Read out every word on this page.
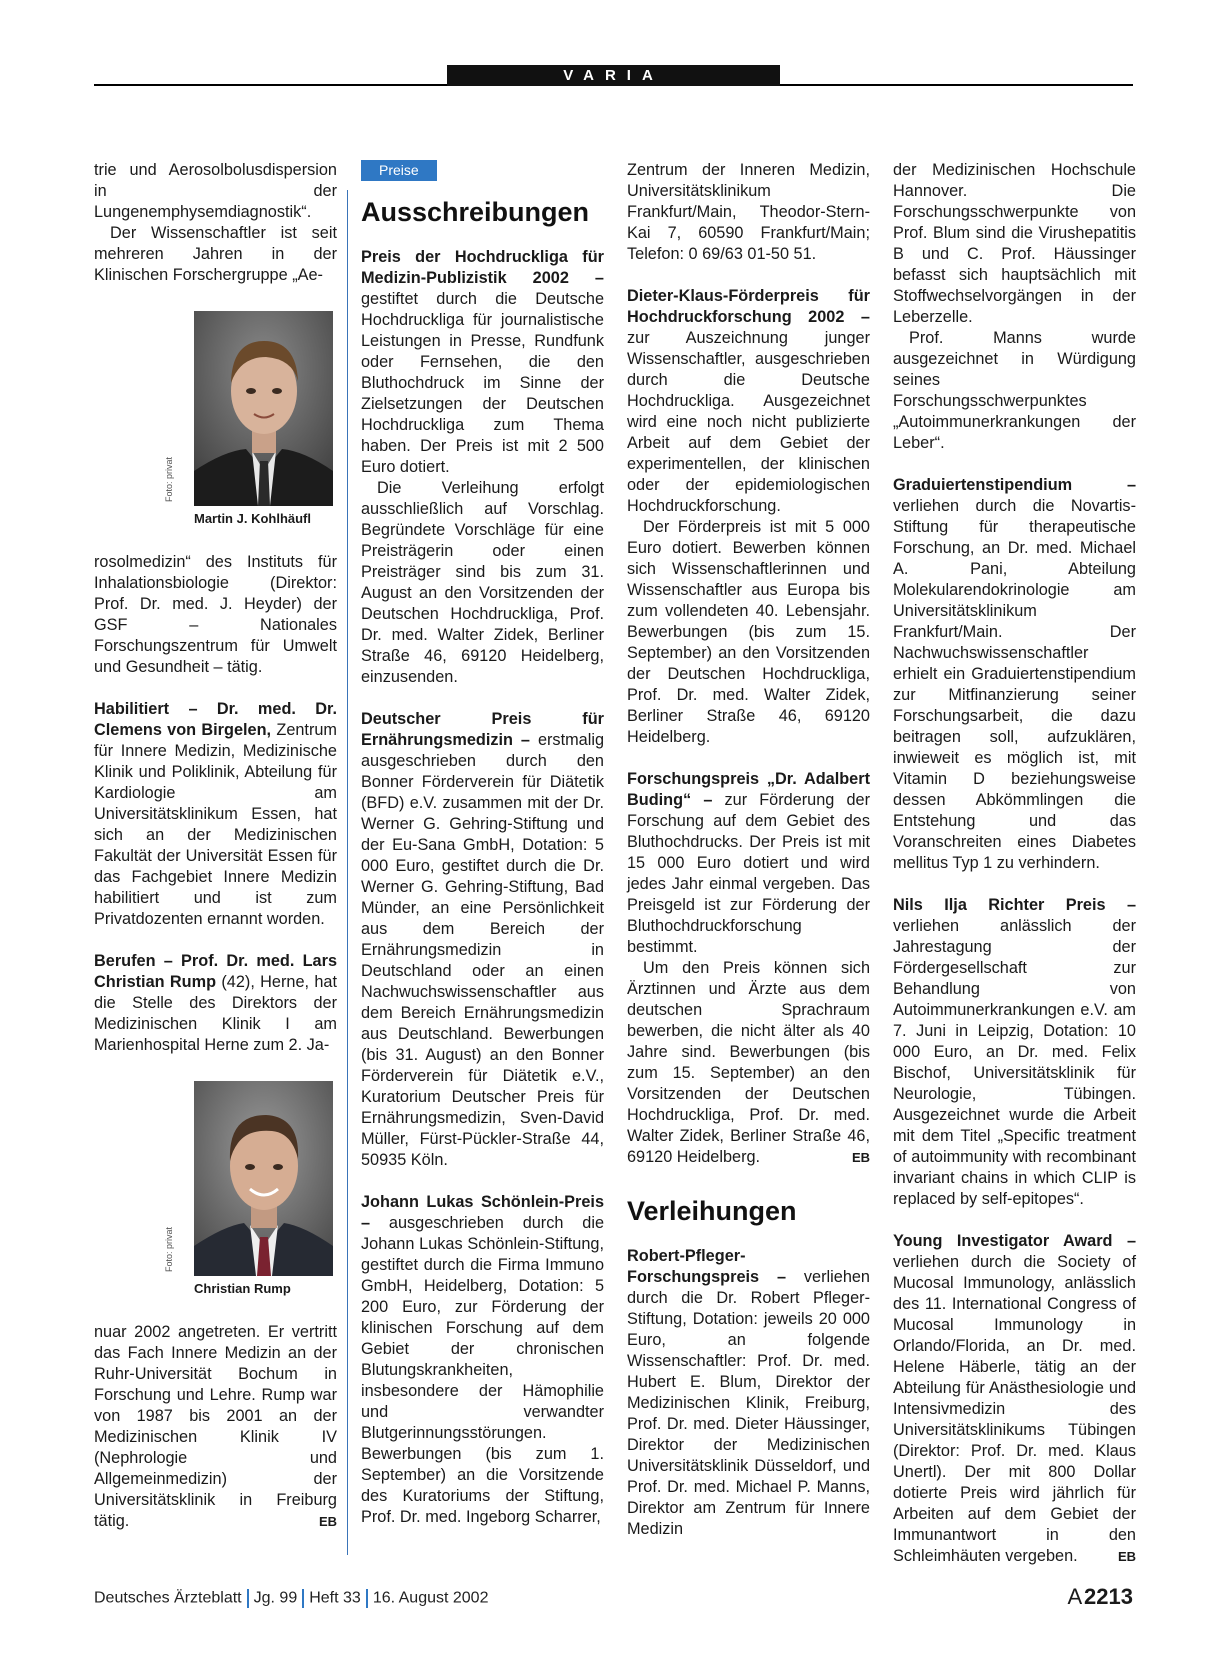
VARIA

trie und Aerosolbolusdispersion in der Lungenemphysemdiagnostik“.

Der Wissenschaftler ist seit mehreren Jahren in der Klinischen Forschergruppe „Ae-

Foto: privat
Martin J. Kohlhäufl

rosolmedizin“ des Instituts für Inhalationsbiologie (Direktor: Prof. Dr. med. J. Heyder) der GSF – Nationales Forschungszentrum für Umwelt und Gesundheit – tätig.

Habilitiert – Dr. med. Dr. Clemens von Birgelen, Zentrum für Innere Medizin, Medizinische Klinik und Poliklinik, Abteilung für Kardiologie am Universitätsklinikum Essen, hat sich an der Medizinischen Fakultät der Universität Essen für das Fachgebiet Innere Medizin habilitiert und ist zum Privatdozenten ernannt worden.

Berufen – Prof. Dr. med. Lars Christian Rump (42), Herne, hat die Stelle des Direktors der Medizinischen Klinik I am Marienhospital Herne zum 2. Ja-

Foto: privat
Christian Rump

nuar 2002 angetreten. Er vertritt das Fach Innere Medizin an der Ruhr-Universität Bochum in Forschung und Lehre. Rump war von 1987 bis 2001 an der Medizinischen Klinik IV (Nephrologie und Allgemeinmedizin) der Universitätsklinik in Freiburg tätig.	EB

Preise
Ausschreibungen

Preis der Hochdruckliga für Medizin-Publizistik 2002 – gestiftet durch die Deutsche Hochdruckliga für journalistische Leistungen in Presse, Rundfunk oder Fernsehen, die den Bluthochdruck im Sinne der Zielsetzungen der Deutschen Hochdruckliga zum Thema haben. Der Preis ist mit 2 500 Euro dotiert.

Die Verleihung erfolgt ausschließlich auf Vorschlag. Begründete Vorschläge für eine Preisträgerin oder einen Preisträger sind bis zum 31. August an den Vorsitzenden der Deutschen Hochdruckliga, Prof. Dr. med. Walter Zidek, Berliner Straße 46, 69120 Heidelberg, einzusenden.

Deutscher Preis für Ernährungsmedizin – erstmalig ausgeschrieben durch den Bonner Förderverein für Diätetik (BFD) e.V. zusammen mit der Dr. Werner G. Gehring-Stiftung und der Eu-Sana GmbH, Dotation: 5 000 Euro, gestiftet durch die Dr. Werner G. Gehring-Stiftung, Bad Münder, an eine Persönlichkeit aus dem Bereich der Ernährungsmedizin in Deutschland oder an einen Nachwuchswissenschaftler aus dem Bereich Ernährungsmedizin aus Deutschland. Bewerbungen (bis 31. August) an den Bonner Förderverein für Diätetik e.V., Kuratorium Deutscher Preis für Ernährungsmedizin, Sven-David Müller, Fürst-Pückler-Straße 44, 50935 Köln.

Johann Lukas Schönlein-Preis – ausgeschrieben durch die Johann Lukas Schönlein-Stiftung, gestiftet durch die Firma Immuno GmbH, Heidelberg, Dotation: 5 200 Euro, zur Förderung der klinischen Forschung auf dem Gebiet der chronischen Blutungskrankheiten, insbesondere der Hämophilie und verwandter Blutgerinnungsstörungen. Bewerbungen (bis zum 1. September) an die Vorsitzende des Kuratoriums der Stiftung, Prof. Dr. med. Ingeborg Scharrer,

Zentrum der Inneren Medizin, Universitätsklinikum Frankfurt/Main, Theodor-Stern-Kai 7, 60590 Frankfurt/Main; Telefon: 0 69/63 01-50 51.

Dieter-Klaus-Förderpreis für Hochdruckforschung 2002 – zur Auszeichnung junger Wissenschaftler, ausgeschrieben durch die Deutsche Hochdruckliga. Ausgezeichnet wird eine noch nicht publizierte Arbeit auf dem Gebiet der experimentellen, der klinischen oder der epidemiologischen Hochdruckforschung.

Der Förderpreis ist mit 5 000 Euro dotiert. Bewerben können sich Wissenschaftlerinnen und Wissenschaftler aus Europa bis zum vollendeten 40. Lebensjahr. Bewerbungen (bis zum 15. September) an den Vorsitzenden der Deutschen Hochdruckliga, Prof. Dr. med. Walter Zidek, Berliner Straße 46, 69120 Heidelberg.

Forschungspreis „Dr. Adalbert Buding“ – zur Förderung der Forschung auf dem Gebiet des Bluthochdrucks. Der Preis ist mit 15 000 Euro dotiert und wird jedes Jahr einmal vergeben. Das Preisgeld ist zur Förderung der Bluthochdruckforschung bestimmt.

Um den Preis können sich Ärztinnen und Ärzte aus dem deutschen Sprachraum bewerben, die nicht älter als 40 Jahre sind. Bewerbungen (bis zum 15. September) an den Vorsitzenden der Deutschen Hochdruckliga, Prof. Dr. med. Walter Zidek, Berliner Straße 46, 69120 Heidelberg.	EB

Verleihungen

Robert-Pfleger-Forschungspreis – verliehen durch die Dr. Robert Pfleger-Stiftung, Dotation: jeweils 20 000 Euro, an folgende Wissenschaftler: Prof. Dr. med. Hubert E. Blum, Direktor der Medizinischen Klinik, Freiburg, Prof. Dr. med. Dieter Häussinger, Direktor der Medizinischen Universitätsklinik Düsseldorf, und Prof. Dr. med. Michael P. Manns, Direktor am Zentrum für Innere Medizin

der Medizinischen Hochschule Hannover. Die Forschungsschwerpunkte von Prof. Blum sind die Virushepatitis B und C. Prof. Häussinger befasst sich hauptsächlich mit Stoffwechselvorgängen in der Leberzelle.

Prof. Manns wurde ausgezeichnet in Würdigung seines Forschungsschwerpunktes „Autoimmunerkrankungen der Leber“.

Graduiertenstipendium – verliehen durch die Novartis-Stiftung für therapeutische Forschung, an Dr. med. Michael A. Pani, Abteilung Molekularendokrinologie am Universitätsklinikum Frankfurt/Main. Der Nachwuchswissenschaftler erhielt ein Graduiertenstipendium zur Mitfinanzierung seiner Forschungsarbeit, die dazu beitragen soll, aufzuklären, inwieweit es möglich ist, mit Vitamin D beziehungsweise dessen Abkömmlingen die Entstehung und das Voranschreiten eines Diabetes mellitus Typ 1 zu verhindern.

Nils Ilja Richter Preis – verliehen anlässlich der Jahrestagung der Fördergesellschaft zur Behandlung von Autoimmunerkrankungen e.V. am 7. Juni in Leipzig, Dotation: 10 000 Euro, an Dr. med. Felix Bischof, Universitätsklinik für Neurologie, Tübingen. Ausgezeichnet wurde die Arbeit mit dem Titel „Specific treatment of autoimmunity with recombinant invariant chains in which CLIP is replaced by self-epitopes“.

Young Investigator Award – verliehen durch die Society of Mucosal Immunology, anlässlich des 11. International Congress of Mucosal Immunology in Orlando/Florida, an Dr. med. Helene Häberle, tätig an der Abteilung für Anästhesiologie und Intensivmedizin des Universitätsklinikums Tübingen (Direktor: Prof. Dr. med. Klaus Unertl). Der mit 800 Dollar dotierte Preis wird jährlich für Arbeiten auf dem Gebiet der Immunantwort in den Schleimhäuten vergeben.	EB

Deutsches Ärzteblatt Jg. 99 Heft 33 16. August 2002	A 2213
